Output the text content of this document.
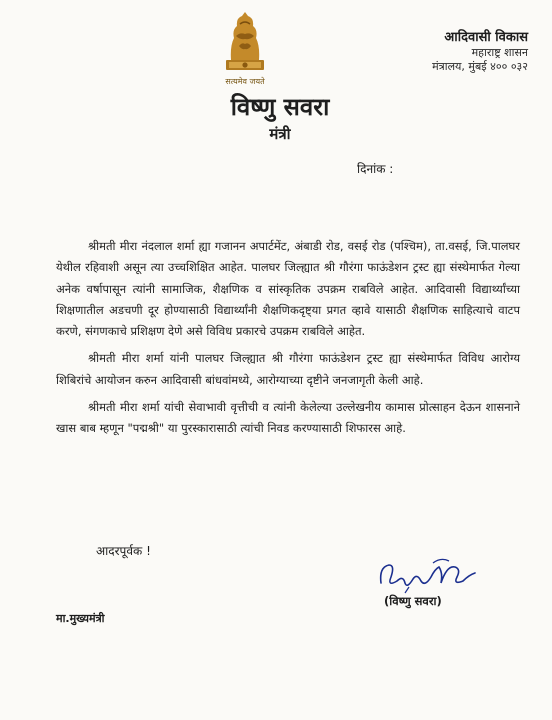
सत्यमेव जयते
आदिवासी विकास
महाराष्ट्र शासन
मंत्रालय, मुंबई ४०० ०३२
विष्णु सवरा
मंत्री
दिनांक :

श्रीमती मीरा नंदलाल शर्मा ह्या गजानन अपार्टमेंट, अंबाडी रोड, वसई रोड (पश्चिम), ता.वसई, जि.पालघर येथील रहिवाशी असून त्या उच्चशिक्षित आहेत. पालघर जिल्ह्यात श्री गौरंगा फाऊंडेशन ट्रस्ट ह्या संस्थेमार्फत गेल्या अनेक वर्षापासून त्यांनी सामाजिक, शैक्षणिक व सांस्कृतिक उपक्रम राबविले आहेत. आदिवासी विद्यार्थ्यांच्या शिक्षणातील अडचणी दूर होण्यासाठी विद्यार्थ्यांनी शैक्षणिकदृष्ट्या प्रगत व्हावे यासाठी शैक्षणिक साहित्याचे वाटप करणे, संगणकाचे प्रशिक्षण देणे असे विविध प्रकारचे उपक्रम राबविले आहेत.

श्रीमती मीरा शर्मा यांनी पालघर जिल्ह्यात श्री गौरंगा फाऊंडेशन ट्रस्ट ह्या संस्थेमार्फत विविध आरोग्य शिबिरांचे आयोजन करुन आदिवासी बांधवांमध्ये, आरोग्याच्या दृष्टीने जनजागृती केली आहे.

श्रीमती मीरा शर्मा यांची सेवाभावी वृत्तीची व त्यांनी केलेल्या उल्लेखनीय कामास प्रोत्साहन देऊन शासनाने खास बाब म्हणून "पद्मश्री" या पुरस्कारासाठी त्यांची निवड करण्यासाठी शिफारस आहे.

आदरपूर्वक !
(विष्णु सवरा)
मा.मुख्यमंत्री
